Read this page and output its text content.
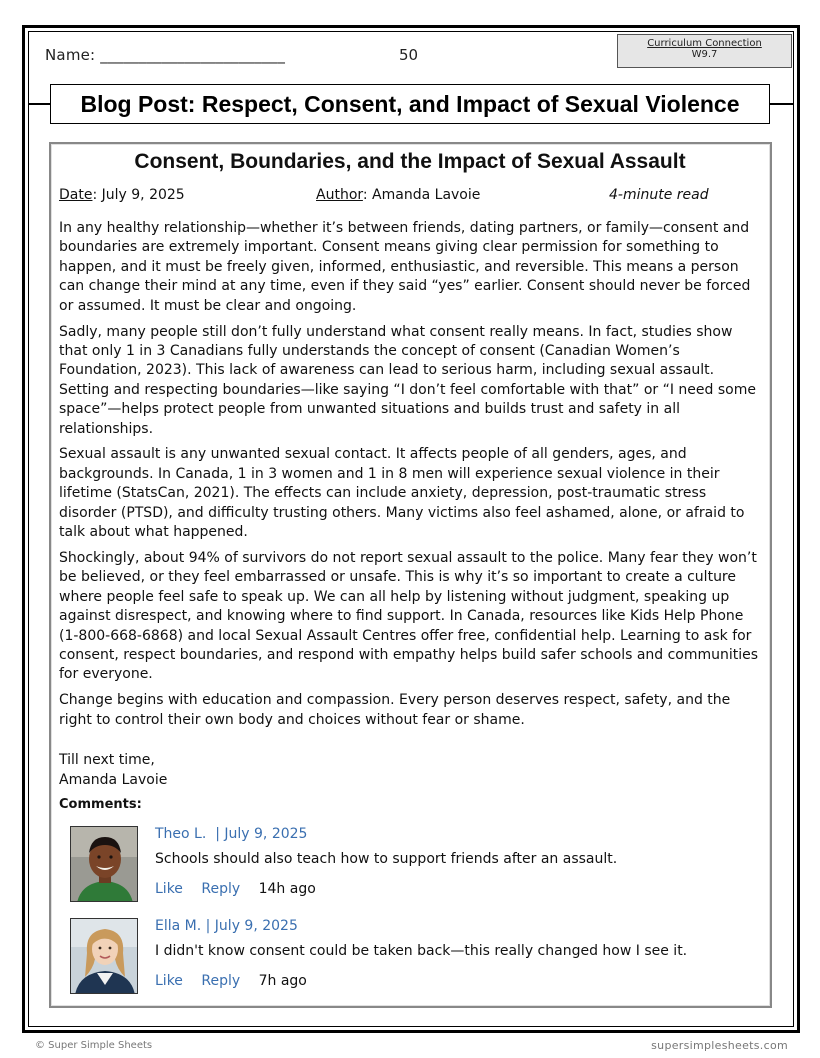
Name: ________________________	50
Curriculum Connection
W9.7
Blog Post: Respect, Consent, and Impact of Sexual Violence
Consent, Boundaries, and the Impact of Sexual Assault
Date: July 9, 2025	Author: Amanda Lavoie	4-minute read

In any healthy relationship—whether it’s between friends, dating partners, or family—consent and boundaries are extremely important. Consent means giving clear permission for something to happen, and it must be freely given, informed, enthusiastic, and reversible. This means a person can change their mind at any time, even if they said “yes” earlier. Consent should never be forced or assumed. It must be clear and ongoing.

Sadly, many people still don’t fully understand what consent really means. In fact, studies show that only 1 in 3 Canadians fully understands the concept of consent (Canadian Women’s Foundation, 2023). This lack of awareness can lead to serious harm, including sexual assault. Setting and respecting boundaries—like saying “I don’t feel comfortable with that” or “I need some space”—helps protect people from unwanted situations and builds trust and safety in all relationships.

Sexual assault is any unwanted sexual contact. It affects people of all genders, ages, and backgrounds. In Canada, 1 in 3 women and 1 in 8 men will experience sexual violence in their lifetime (StatsCan, 2021). The effects can include anxiety, depression, post-traumatic stress disorder (PTSD), and difficulty trusting others. Many victims also feel ashamed, alone, or afraid to talk about what happened.

Shockingly, about 94% of survivors do not report sexual assault to the police. Many fear they won’t be believed, or they feel embarrassed or unsafe. This is why it’s so important to create a culture where people feel safe to speak up. We can all help by listening without judgment, speaking up against disrespect, and knowing where to find support. In Canada, resources like Kids Help Phone (1-800-668-6868) and local Sexual Assault Centres offer free, confidential help. Learning to ask for consent, respect boundaries, and respond with empathy helps build safer schools and communities for everyone.

Change begins with education and compassion. Every person deserves respect, safety, and the right to control their own body and choices without fear or shame.

Till next time,
Amanda Lavoie
Comments:
Theo L.  | July 9, 2025
Schools should also teach how to support friends after an assault.
Like Reply 14h ago
Ella M. | July 9, 2025
I didn't know consent could be taken back—this really changed how I see it.
Like Reply 7h ago
© Super Simple Sheets	supersimplesheets.com
